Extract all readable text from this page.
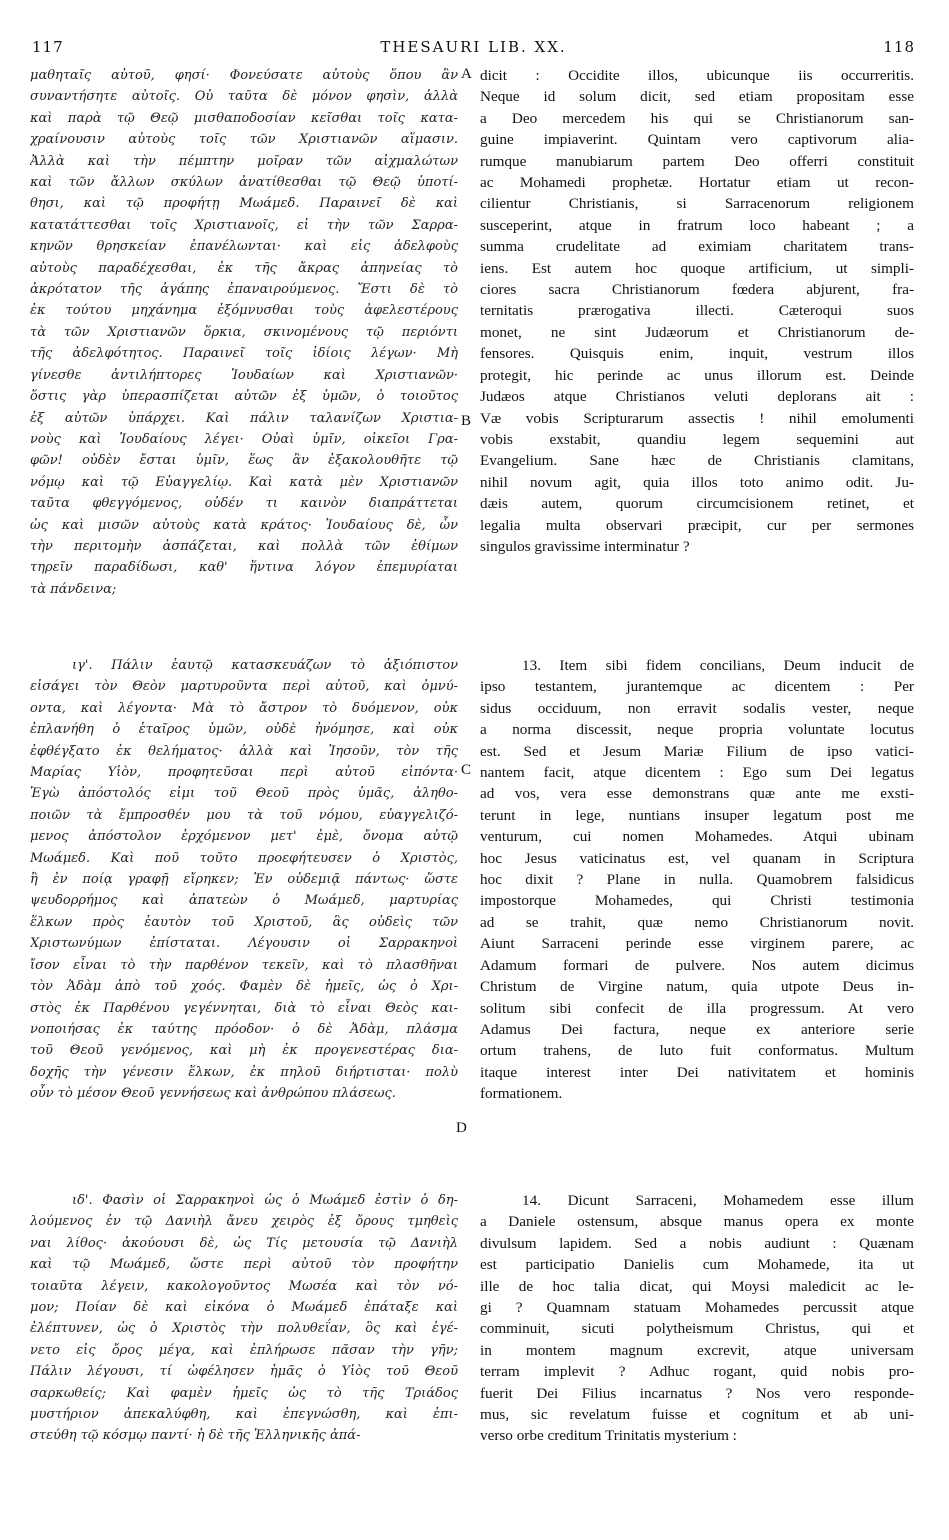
117	THESAURI LIB. XX.	118
μαθηταῖς αὐτοῦ, φησί· Φονεύσατε αὐτοὺς ὅπου ἂν
συναντήσητε αὐτοῖς. Οὐ ταῦτα δὲ μόνον φησὶν, ἀλλὰ
καὶ παρὰ τῷ Θεῷ μισθαποδοσίαν κεῖσθαι τοῖς κατα-
χραίνουσιν αὐτοὺς τοῖς τῶν Χριστιανῶν αἵμασιν.
Ἀλλὰ καὶ τὴν πέμπτην μοῖραν τῶν αἰχμαλώτων
καὶ τῶν ἄλλων σκύλων ἀνατίθεσθαι τῷ Θεῷ ὑποτί-
θησι, καὶ τῷ προφήτῃ Μωάμεδ. Παραινεῖ δὲ καὶ
κατατάττεσθαι τοῖς Χριστιανοῖς, εἰ τὴν τῶν Σαρρα-
κηνῶν θρησκείαν ἐπανέλωνται· καὶ εἰς ἀδελφοὺς
αὐτοὺς παραδέχεσθαι, ἐκ τῆς ἄκρας ἀπηνείας τὸ
ἀκρότατον τῆς ἀγάπης ἐπαναιρούμενος. Ἔστι δὲ τὸ
ἐκ τούτου μηχάνημα ἐξόμνυσθαι τοὺς ἀφελεστέρους
τὰ τῶν Χριστιανῶν ὅρκια, σκινομένους τῷ περιόντι
τῆς ἀδελφότητος. Παραινεῖ τοῖς ἰδίοις λέγων· Μὴ
γίνεσθε ἀντιλήπτορες Ἰουδαίων καὶ Χριστιανῶν·
ὅστις γὰρ ὑπερασπίζεται αὐτῶν ἐξ ὑμῶν, ὁ τοιοῦτος
ἐξ αὐτῶν ὑπάρχει. Καὶ πάλιν ταλανίζων Χριστια-
νοὺς καὶ Ἰουδαίους λέγει· Οὐαὶ ὑμῖν, οἰκεῖοι Γρα-
φῶν! οὐδὲν ἔσται ὑμῖν, ἕως ἂν ἐξακολουθῆτε τῷ
νόμῳ καὶ τῷ Εὐαγγελίῳ. Καὶ κατὰ μὲν Χριστιανῶν
ταῦτα φθεγγόμενος, οὐδέν τι καινὸν διαπράττεται
ὡς καὶ μισῶν αὐτοὺς κατὰ κράτος· Ἰουδαίους δὲ, ὧν
τὴν περιτομὴν ἀσπάζεται, καὶ πολλὰ τῶν ἐθίμων
τηρεῖν παραδίδωσι, καθ' ἥντινα λόγον ἐπεμυρίαται
τὰ πάνδεινα;
dicit : Occidite illos, ubicunque iis occurreritis.
Neque id solum dicit, sed etiam propositam esse
a Deo mercedem his qui se Christianorum san-
guine impiaverint. Quintam vero captivorum alia-
rumque manubiarum partem Deo offerri constituit
ac Mohamedi prophetæ. Hortatur etiam ut recon-
cilientur Christianis, si Sarracenorum religionem
susceperint, atque in fratrum loco habeant ; a
summa crudelitate ad eximiam charitatem trans-
iens. Est autem hoc quoque artificium, ut simpli-
ciores sacra Christianorum fœdera abjurent, fra-
ternitatis prærogativa illecti. Cæteroqui suos
monet, ne sint Judæorum et Christianorum de-
fensores. Quisquis enim, inquit, vestrum illos
protegit, hic perinde ac unus illorum est. Deinde
Judæos atque Christianos veluti deplorans ait :
Væ vobis Scripturarum assectis ! nihil emolumenti
vobis exstabit, quandiu legem sequemini aut
Evangelium. Sane hæc de Christianis clamitans,
nihil novum agit, quia illos toto animo odit. Ju-
dæis autem, quorum circumcisionem retinet, et
legalia multa observari præcipit, cur per sermones
singulos gravissime interminatur ?
ιγ'. Πάλιν ἑαυτῷ κατασκευάζων τὸ ἀξιόπιστον
εἰσάγει τὸν Θεὸν μαρτυροῦντα περὶ αὐτοῦ, καὶ ὀμνύ-
οντα, καὶ λέγοντα· Μὰ τὸ ἄστρον τὸ δυόμενον, οὐκ
ἐπλανήθη ὁ ἑταῖρος ὑμῶν, οὐδὲ ἠνόμησε, καὶ οὐκ
ἐφθέγξατο ἐκ θελήματος· ἀλλὰ καὶ Ἰησοῦν, τὸν τῆς
Μαρίας Υἱὸν, προφητεῦσαι περὶ αὐτοῦ εἰπόντα·
Ἐγὼ ἀπόστολός εἰμι τοῦ Θεοῦ πρὸς ὑμᾶς, ἀληθο-
ποιῶν τὰ ἔμπροσθέν μου τὰ τοῦ νόμου, εὐαγγελιζό-
μενος ἀπόστολον ἐρχόμενον μετ' ἐμὲ, ὄνομα αὐτῷ
Μωάμεδ. Καὶ ποῦ τοῦτο προεφήτευσεν ὁ Χριστὸς,
ἢ ἐν ποίᾳ γραφῇ εἴρηκεν; Ἐν οὐδεμιᾷ πάντως· ὥστε
ψευδορρήμος καὶ ἀπατεὼν ὁ Μωάμεδ, μαρτυρίας
ἕλκων πρὸς ἑαυτὸν τοῦ Χριστοῦ, ἃς οὐδεὶς τῶν
Χριστωνύμων ἐπίσταται. Λέγουσιν οἱ Σαρρακηνοὶ
ἴσον εἶναι τὸ τὴν παρθένον τεκεῖν, καὶ τὸ πλασθῆναι
τὸν Ἀδὰμ ἀπὸ τοῦ χοός. Φαμὲν δὲ ἡμεῖς, ὡς ὁ Χρι-
στὸς ἐκ Παρθένου γεγέννηται, διὰ τὸ εἶναι Θεὸς και-
νοποιήσας ἐκ ταύτης πρόοδον· ὁ δὲ Ἀδὰμ, πλάσμα
τοῦ Θεοῦ γενόμενος, καὶ μὴ ἐκ προγενεστέρας δια-
δοχῆς τὴν γένεσιν ἕλκων, ἐκ πηλοῦ διήρτισται· πολὺ
οὖν τὸ μέσον Θεοῦ γεννήσεως καὶ ἀνθρώπου πλάσεως.
13. Item sibi fidem concilians, Deum inducit de
ipso testantem, jurantemque ac dicentem : Per
sidus occiduum, non erravit sodalis vester, neque
a norma discessit, neque propria voluntate locutus
est. Sed et Jesum Mariæ Filium de ipso vatici-
nantem facit, atque dicentem : Ego sum Dei legatus
ad vos, vera esse demonstrans quæ ante me exsti-
terunt in lege, nuntians insuper legatum post me
venturum, cui nomen Mohamedes. Atqui ubinam
hoc Jesus vaticinatus est, vel quanam in Scriptura
hoc dixit ? Plane in nulla. Quamobrem falsidicus
impostorque Mohamedes, qui Christi testimonia
ad se trahit, quæ nemo Christianorum novit.
Aiunt Sarraceni perinde esse virginem parere, ac
Adamum formari de pulvere. Nos autem dicimus
Christum de Virgine natum, quia utpote Deus in-
solitum sibi confecit de illa progressum. At vero
Adamus Dei factura, neque ex anteriore serie
ortum trahens, de luto fuit conformatus. Multum
itaque interest inter Dei nativitatem et hominis
formationem.
ιδ'. Φασὶν οἱ Σαρρακηνοὶ ὡς ὁ Μωάμεδ ἐστὶν ὁ δη-
λούμενος ἐν τῷ Δανιὴλ ἄνευ χειρὸς ἐξ ὄρους τμηθεὶς
ναι λίθος· ἀκούουσι δὲ, ὡς Τίς μετουσία τῷ Δανιὴλ
καὶ τῷ Μωάμεδ, ὥστε περὶ αὐτοῦ τὸν προφήτην
τοιαῦτα λέγειν, κακολογοῦντος Μωσέα καὶ τὸν νό-
μον; Ποίαν δὲ καὶ εἰκόνα ὁ Μωάμεδ ἐπάταξε καὶ
ἐλέπτυνεν, ὡς ὁ Χριστὸς τὴν πολυθεΐαν, ὃς καὶ ἐγέ-
νετο εἰς ὄρος μέγα, καὶ ἐπλήρωσε πᾶσαν τὴν γῆν;
Πάλιν λέγουσι, τί ὠφέλησεν ἡμᾶς ὁ Υἱὸς τοῦ Θεοῦ
σαρκωθείς; Καὶ φαμὲν ἡμεῖς ὡς τὸ τῆς Τριάδος
μυστήριον ἀπεκαλύφθη, καὶ ἐπεγνώσθη, καὶ ἐπι-
στεύθη τῷ κόσμῳ παντί· ἡ δὲ τῆς Ἑλληνικῆς ἀπά-
14. Dicunt Sarraceni, Mohamedem esse illum
a Daniele ostensum, absque manus opera ex monte
divulsum lapidem. Sed a nobis audiunt : Quænam
est participatio Danielis cum Mohamede, ita ut
ille de hoc talia dicat, qui Moysi maledicit ac le-
gi ? Quamnam statuam Mohamedes percussit atque
comminuit, sicuti polytheismum Christus, qui et
in montem magnum excrevit, atque universam
terram implevit ? Adhuc rogant, quid nobis pro-
fuerit Dei Filius incarnatus ? Nos vero responde-
mus, sic revelatum fuisse et cognitum et ab uni-
verso orbe creditum Trinitatis mysterium :
A
B
C
D
